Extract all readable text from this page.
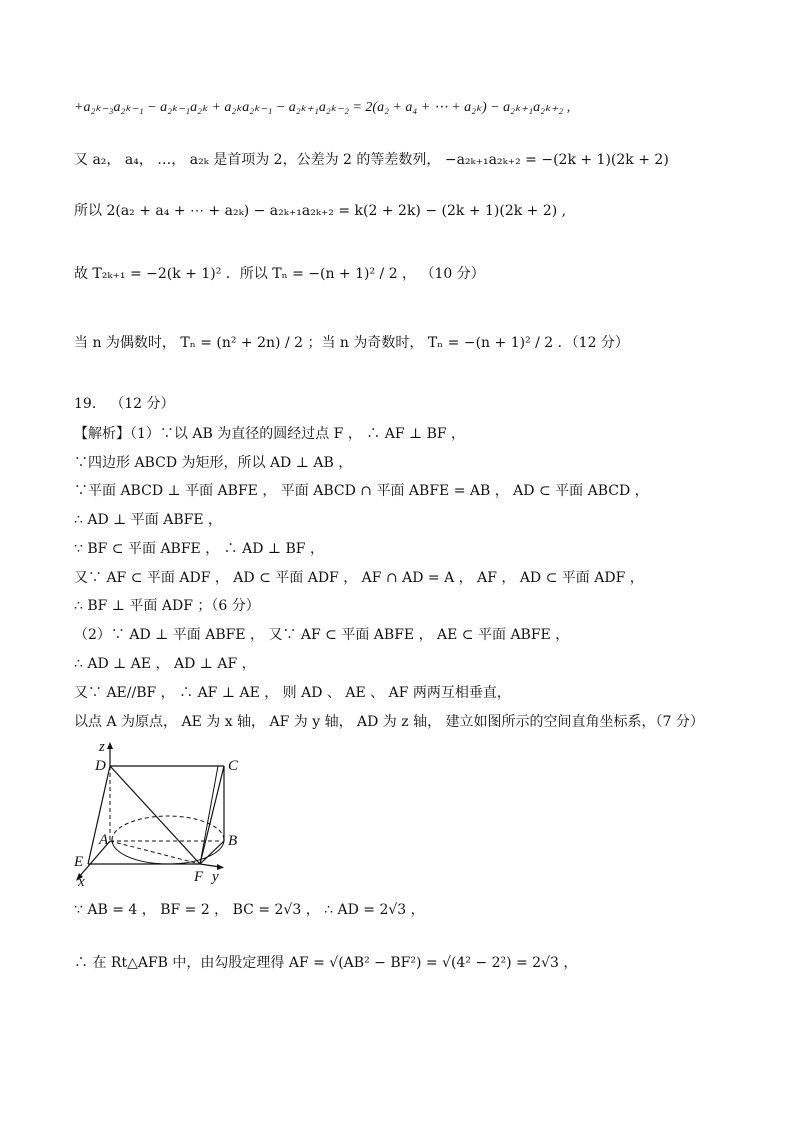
+a₂ₖ₋₃a₂ₖ₋₁ − a₂ₖ₋₁a₂ₖ + a₂ₖa₂ₖ₋₁ − a₂ₖ₊₁a₂ₖ₋₂ = 2(a₂ + a₄ + ⋯ + a₂ₖ) − a₂ₖ₊₁a₂ₖ₊₂ ,
又 a₂， a₄， …， a₂ₖ 是首项为 2，公差为 2 的等差数列， −a₂ₖ₊₁a₂ₖ₊₂ = −(2k + 1)(2k + 2)
所以 2(a₂ + a₄ + ⋯ + a₂ₖ) − a₂ₖ₊₁a₂ₖ₊₂ = k(2 + 2k) − (2k + 1)(2k + 2) ,
故 T₂ₖ₊₁ = −2(k + 1)² ．所以 Tₙ = −(n + 1)² / 2 ， （10 分）
当 n 为偶数时， Tₙ = (n² + 2n) / 2 ；当 n 为奇数时， Tₙ = −(n + 1)² / 2 ．（12 分）
19． （12 分）
【解析】（1）∵以 AB 为直径的圆经过点 F ， ∴ AF ⊥ BF ，
∵四边形 ABCD 为矩形，所以 AD ⊥ AB ，
∵平面 ABCD ⊥ 平面 ABFE ， 平面 ABCD ∩ 平面 ABFE = AB ， AD ⊂ 平面 ABCD ，
∴ AD ⊥ 平面 ABFE ，
∵ BF ⊂ 平面 ABFE ， ∴ AD ⊥ BF ，
又∵ AF ⊂ 平面 ADF ， AD ⊂ 平面 ADF ， AF ∩ AD = A ， AF ， AD ⊂ 平面 ADF ，
∴ BF ⊥ 平面 ADF ；（6 分）
（2）∵ AD ⊥ 平面 ABFE ， 又∵ AF ⊂ 平面 ABFE ， AE ⊂ 平面 ABFE ，
∴ AD ⊥ AE ， AD ⊥ AF ，
又∵ AE//BF ， ∴ AF ⊥ AE ， 则 AD 、 AE 、 AF 两两互相垂直，
以点 A 为原点， AE 为 x 轴， AF 为 y 轴， AD 为 z 轴， 建立如图所示的空间直角坐标系，（7 分）
z
D	C
A	B
E
F y
x
∵ AB = 4 ， BF = 2 ， BC = 2√3 ， ∴ AD = 2√3 ，
∴ 在 Rt△AFB 中，由勾股定理得 AF = √(AB² − BF²) = √(4² − 2²) = 2√3 ，
